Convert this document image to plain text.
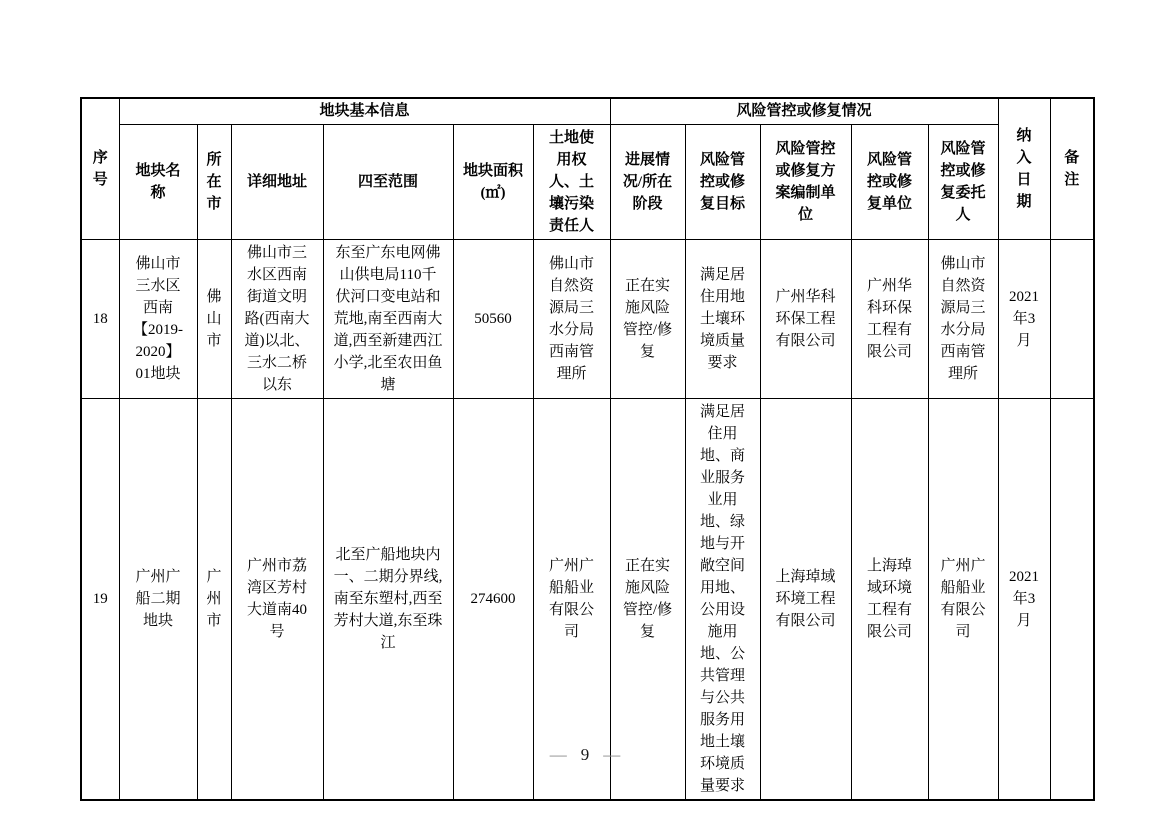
序号	地块基本信息						风险管控或修复情况					纳入日期	备注
	地块名称	所在市	详细地址	四至范围	地块面积(㎡)	土地使用权人、土壤污染责任人	进展情况/所在阶段	风险管控或修复目标	风险管控或修复方案编制单位	风险管控或修复单位	风险管控或修复委托人		
18	佛山市三水区西南【2019-2020】01地块	佛山市	佛山市三水区西南街道文明路(西南大道)以北、三水二桥以东	东至广东电网佛山供电局110千伏河口变电站和荒地,南至西南大道,西至新建西江小学,北至农田鱼塘	50560	佛山市自然资源局三水分局西南管理所	正在实施风险管控/修复	满足居住用地土壤环境质量要求	广州华科环保工程有限公司	广州华科环保工程有限公司	佛山市自然资源局三水分局西南管理所	2021年3月	
19	广州广船二期地块	广州市	广州市荔湾区芳村大道南40号	北至广船地块内一、二期分界线,南至东塑村,西至芳村大道,东至珠江	274600	广州广船船业有限公司	正在实施风险管控/修复	满足居住用地、商业服务业用地、绿地与开敞空间用地、公用设施用地、公共管理与公共服务用地土壤环境质量要求	上海琸域环境工程有限公司	上海琸域环境工程有限公司	广州广船船业有限公司	2021年3月	
— 9 —
